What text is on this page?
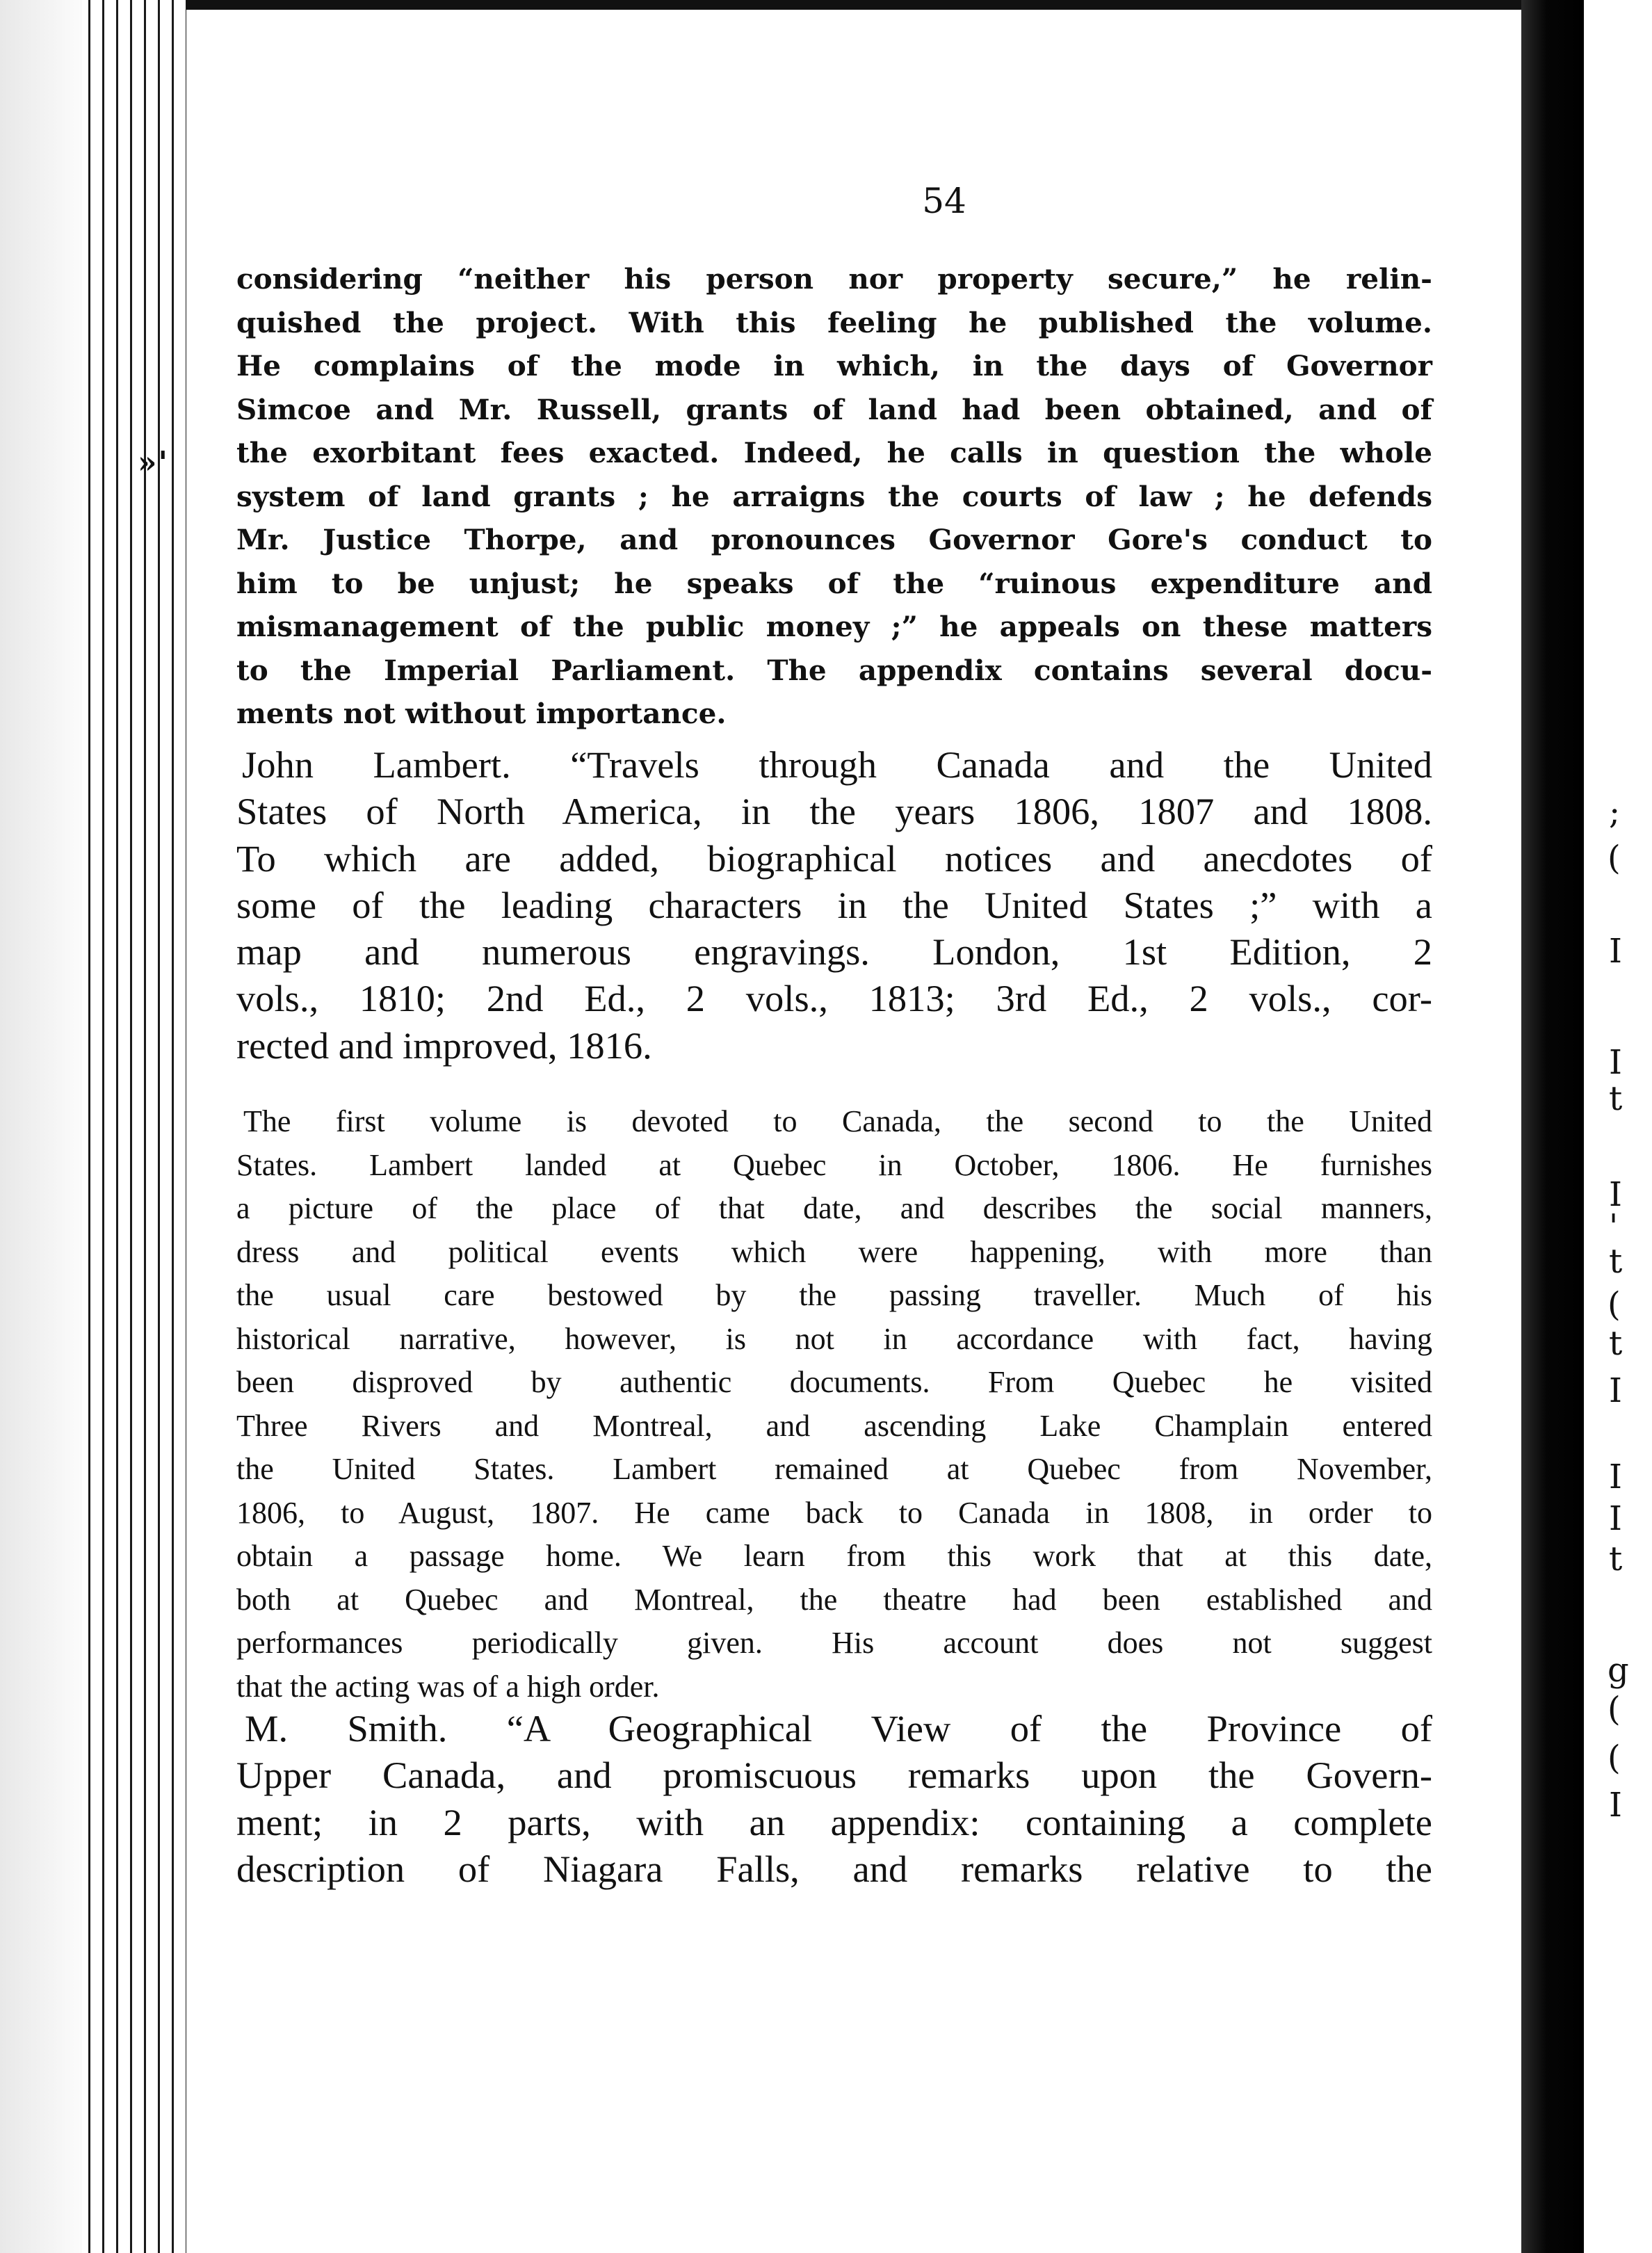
»'
54
considering “neither his person nor property secure,” he relin-
quished the project. With this feeling he published the volume.
He complains of the mode in which, in the days of Governor
Simcoe and Mr. Russell, grants of land had been obtained, and of
the exorbitant fees exacted. Indeed, he calls in question the whole
system of land grants ; he arraigns the courts of law ; he defends
Mr. Justice Thorpe, and pronounces Governor Gore's conduct to
him to be unjust; he speaks of the “ruinous expenditure and
mismanagement of the public money ;” he appeals on these matters
to the Imperial Parliament. The appendix contains several docu-
ments not without importance.
John Lambert. “Travels through Canada and the United
States of North America, in the years 1806, 1807 and 1808.
To which are added, biographical notices and anecdotes of
some of the leading characters in the United States ;” with a
map and numerous engravings. London, 1st Edition, 2
vols., 1810; 2nd Ed., 2 vols., 1813; 3rd Ed., 2 vols., cor-
rected and improved, 1816.
The first volume is devoted to Canada, the second to the United
States. Lambert landed at Quebec in October, 1806. He furnishes
a picture of the place of that date, and describes the social manners,
dress and political events which were happening, with more than
the usual care bestowed by the passing traveller. Much of his
historical narrative, however, is not in accordance with fact, having
been disproved by authentic documents. From Quebec he visited
Three Rivers and Montreal, and ascending Lake Champlain entered
the United States. Lambert remained at Quebec from November,
1806, to August, 1807. He came back to Canada in 1808, in order to
obtain a passage home. We learn from this work that at this date,
both at Quebec and Montreal, the theatre had been established and
performances periodically given. His account does not suggest
that the acting was of a high order.
M. Smith. “A Geographical View of the Province of
Upper Canada, and promiscuous remarks upon the Govern-
ment; in 2 parts, with an appendix: containing a complete
description of Niagara Falls, and remarks relative to the
;
(
I
I
t
I
'
t
(
t
I
I
I
t
g
(
(
I
